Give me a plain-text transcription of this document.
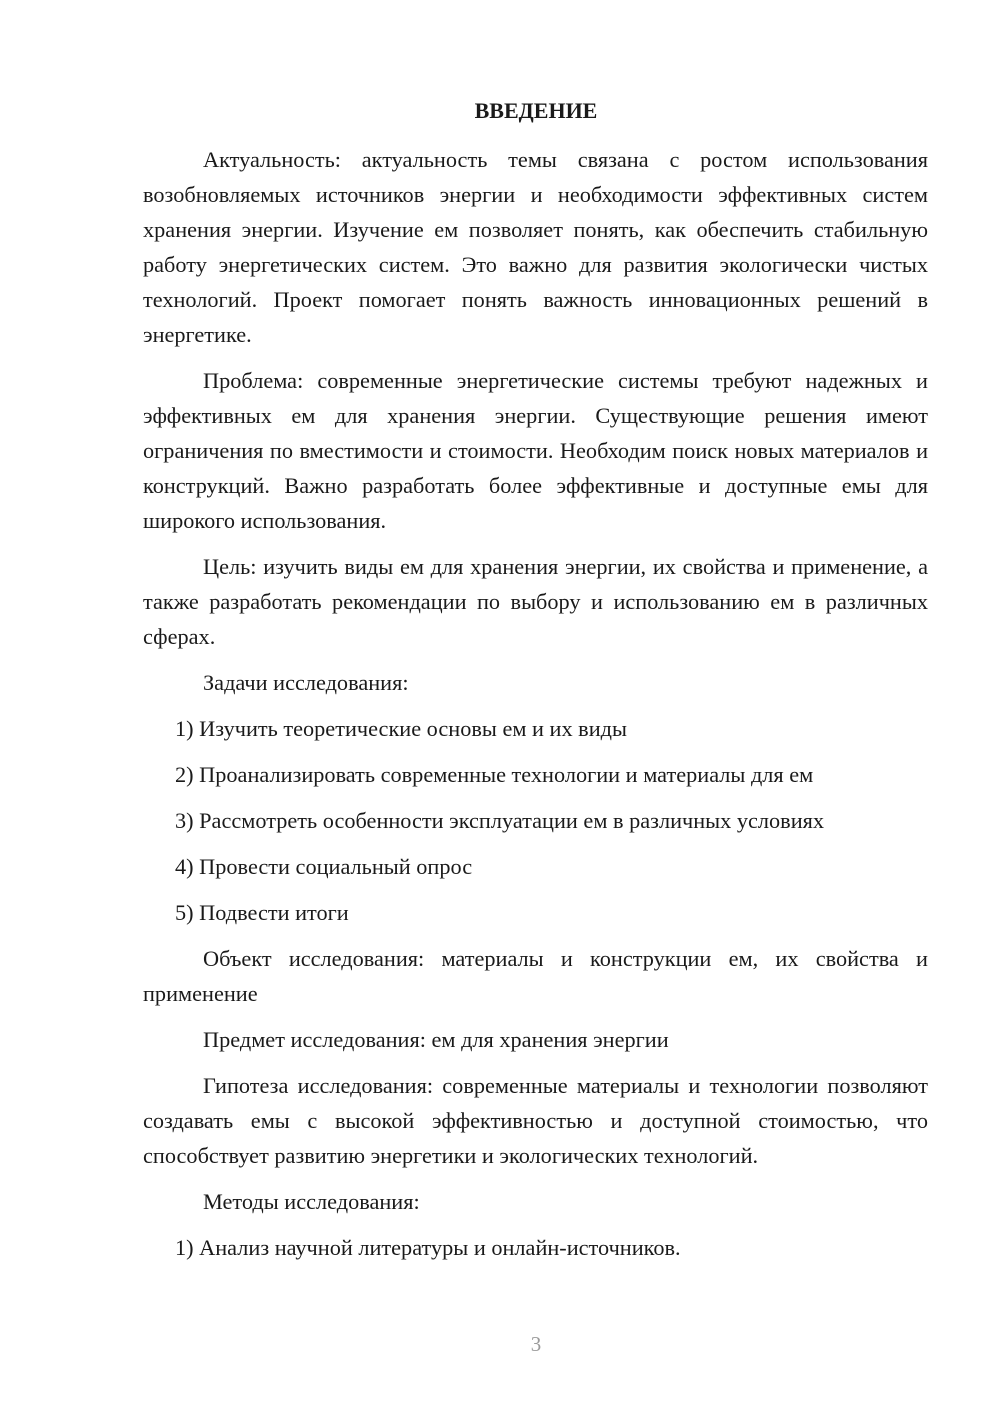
ВВЕДЕНИЕ

Актуальность: актуальность темы связана с ростом использования возобновляемых источников энергии и необходимости эффективных систем хранения энергии. Изучение ем позволяет понять, как обеспечить стабильную работу энергетических систем. Это важно для развития экологически чистых технологий. Проект помогает понять важность инновационных решений в энергетике.

Проблема: современные энергетические системы требуют надежных и эффективных ем для хранения энергии. Существующие решения имеют ограничения по вместимости и стоимости. Необходим поиск новых материалов и конструкций. Важно разработать более эффективные и доступные емы для широкого использования.

Цель: изучить виды ем для хранения энергии, их свойства и применение, а также разработать рекомендации по выбору и использованию ем в различных сферах.

Задачи исследования:

1) Изучить теоретические основы ем и их виды

2) Проанализировать современные технологии и материалы для ем

3) Рассмотреть особенности эксплуатации ем в различных условиях

4) Провести социальный опрос

5) Подвести итоги

Объект исследования: материалы и конструкции ем, их свойства и применение

Предмет исследования: ем для хранения энергии

Гипотеза исследования: современные материалы и технологии позволяют создавать емы с высокой эффективностью и доступной стоимостью, что способствует развитию энергетики и экологических технологий.

Методы исследования:

1) Анализ научной литературы и онлайн-источников.

3
